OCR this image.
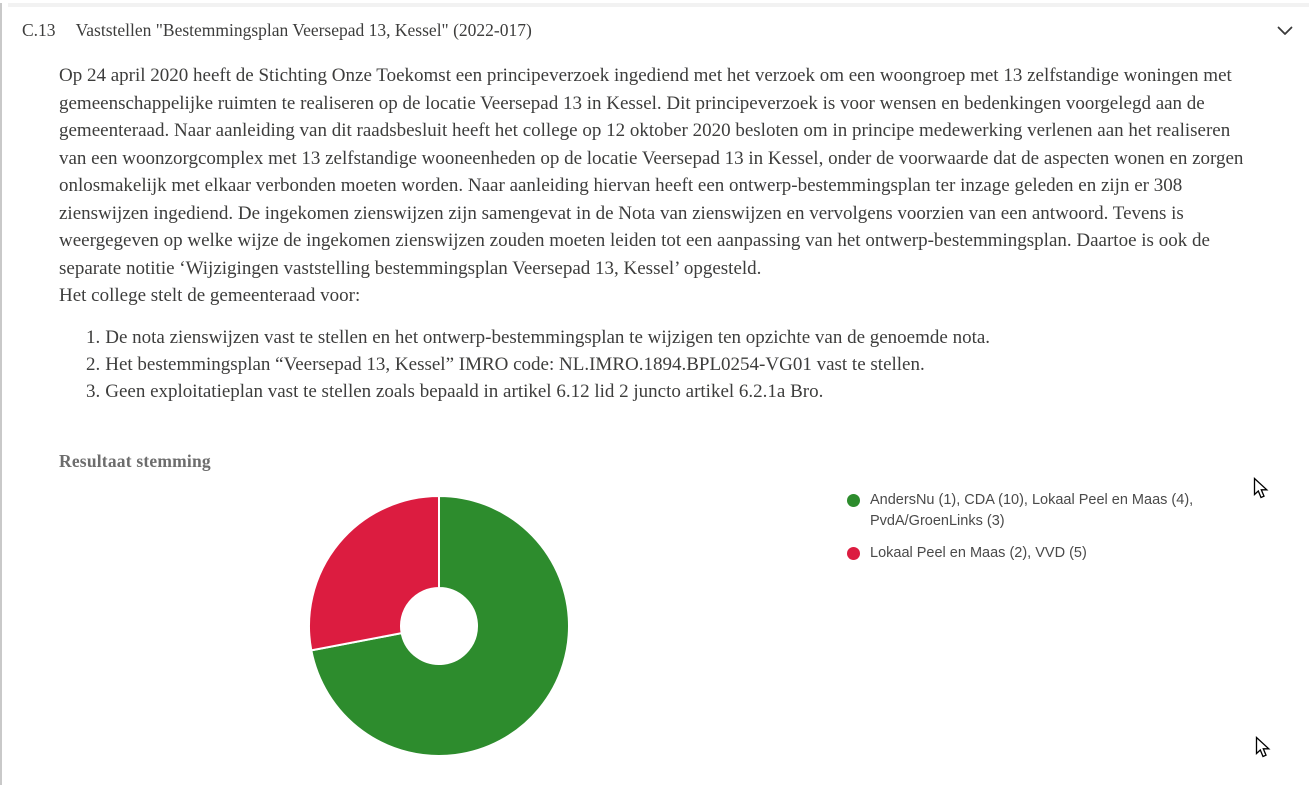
C.13 Vaststellen "Bestemmingsplan Veersepad 13, Kessel" (2022-017)
Op 24 april 2020 heeft de Stichting Onze Toekomst een principeverzoek ingediend met het verzoek om een woongroep met 13 zelfstandige woningen met gemeenschappelijke ruimten te realiseren op de locatie Veersepad 13 in Kessel. Dit principeverzoek is voor wensen en bedenkingen voorgelegd aan de gemeenteraad. Naar aanleiding van dit raadsbesluit heeft het college op 12 oktober 2020 besloten om in principe medewerking verlenen aan het realiseren van een woonzorgcomplex met 13 zelfstandige wooneenheden op de locatie Veersepad 13 in Kessel, onder de voorwaarde dat de aspecten wonen en zorgen onlosmakelijk met elkaar verbonden moeten worden. Naar aanleiding hiervan heeft een ontwerp-bestemmingsplan ter inzage geleden en zijn er 308 zienswijzen ingediend. De ingekomen zienswijzen zijn samengevat in de Nota van zienswijzen en vervolgens voorzien van een antwoord. Tevens is weergegeven op welke wijze de ingekomen zienswijzen zouden moeten leiden tot een aanpassing van het ontwerp-bestemmingsplan. Daartoe is ook de separate notitie ‘Wijzigingen vaststelling bestemmingsplan Veersepad 13, Kessel’ opgesteld.
Het college stelt de gemeenteraad voor:
1. De nota zienswijzen vast te stellen en het ontwerp-bestemmingsplan te wijzigen ten opzichte van de genoemde nota.
2. Het bestemmingsplan “Veersepad 13, Kessel” IMRO code: NL.IMRO.1894.BPL0254-VG01 vast te stellen.
3. Geen exploitatieplan vast te stellen zoals bepaald in artikel 6.12 lid 2 juncto artikel 6.2.1a Bro.
Resultaat stemming
AndersNu (1), CDA (10), Lokaal Peel en Maas (4), PvdA/GroenLinks (3)
Lokaal Peel en Maas (2), VVD (5)
